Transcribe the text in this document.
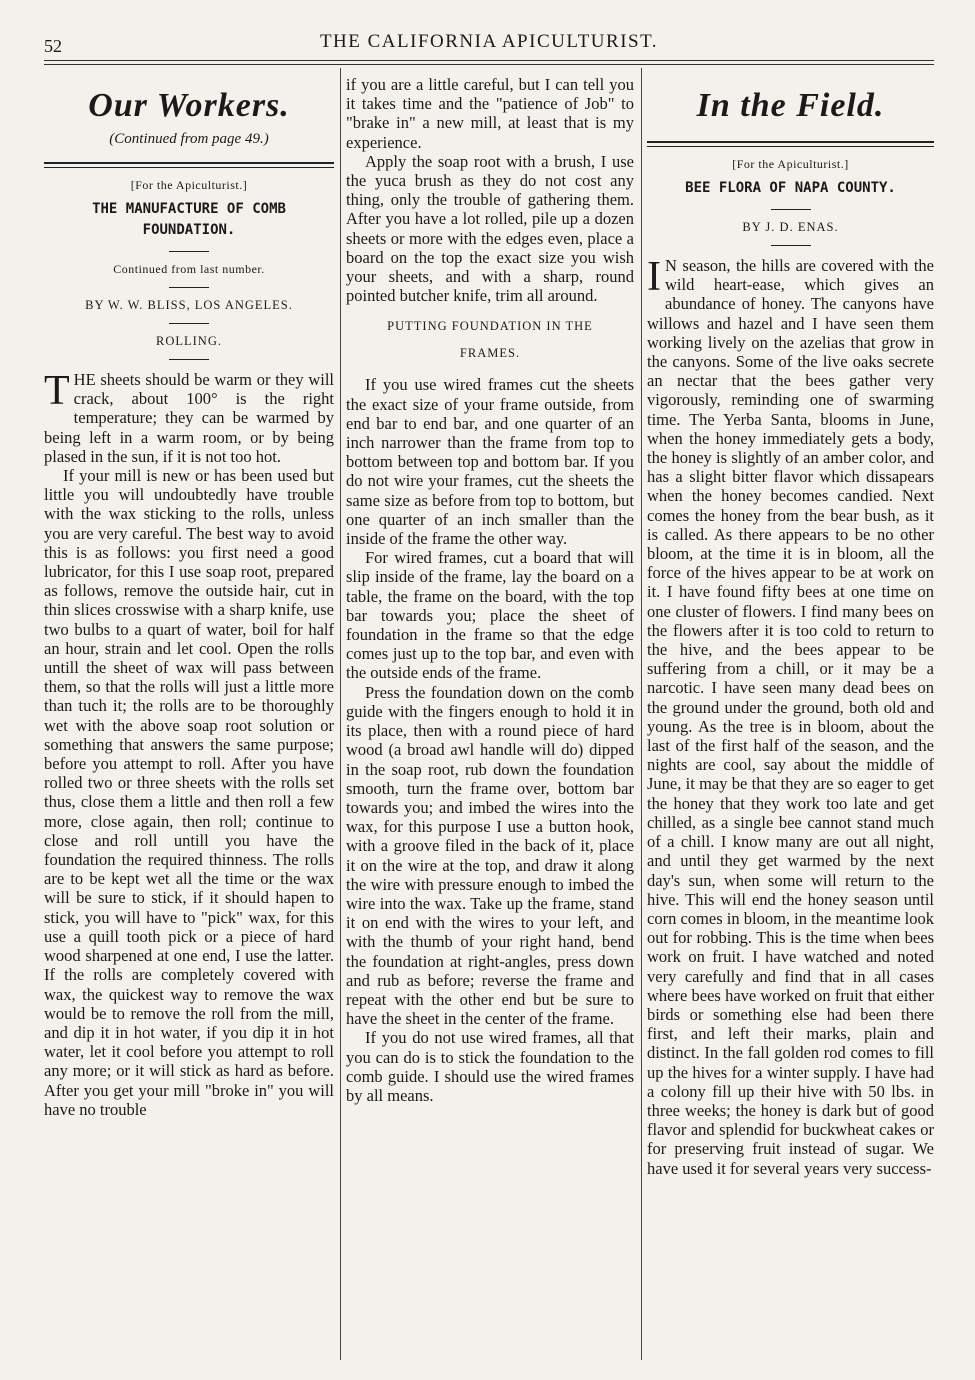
52	THE CALIFORNIA APICULTURIST.
Our Workers.
(Continued from page 49.)
[For the Apiculturist.]
THE MANUFACTURE OF COMB FOUNDATION.
Continued from last number.
BY W. W. BLISS, LOS ANGELES.
ROLLING.

THE sheets should be warm or they will crack, about 100° is the right temperature; they can be warmed by being left in a warm room, or by being plased in the sun, if it is not too hot.

If your mill is new or has been used but little you will undoubtedly have trouble with the wax sticking to the rolls, unless you are very careful. The best way to avoid this is as follows: you first need a good lubricator, for this I use soap root, prepared as follows, remove the outside hair, cut in thin slices crosswise with a sharp knife, use two bulbs to a quart of water, boil for half an hour, strain and let cool. Open the rolls untill the sheet of wax will pass between them, so that the rolls will just a little more than tuch it; the rolls are to be thoroughly wet with the above soap root solution or something that answers the same purpose; before you attempt to roll. After you have rolled two or three sheets with the rolls set thus, close them a little and then roll a few more, close again, then roll; continue to close and roll untill you have the foundation the required thinness. The rolls are to be kept wet all the time or the wax will be sure to stick, if it should hapen to stick, you will have to "pick" wax, for this use a quill tooth pick or a piece of hard wood sharpened at one end, I use the latter. If the rolls are completely covered with wax, the quickest way to remove the wax would be to remove the roll from the mill, and dip it in hot water, if you dip it in hot water, let it cool before you attempt to roll any more; or it will stick as hard as before. After you get your mill "broke in" you will have no trouble

if you are a little careful, but I can tell you it takes time and the "patience of Job" to "brake in" a new mill, at least that is my experience.

Apply the soap root with a brush, I use the yuca brush as they do not cost any thing, only the trouble of gathering them. After you have a lot rolled, pile up a dozen sheets or more with the edges even, place a board on the top the exact size you wish your sheets, and with a sharp, round pointed butcher knife, trim all around.

PUTTING FOUNDATION IN THE FRAMES.

If you use wired frames cut the sheets the exact size of your frame outside, from end bar to end bar, and one quarter of an inch narrower than the frame from top to bottom between top and bottom bar. If you do not wire your frames, cut the sheets the same size as before from top to bottom, but one quarter of an inch smaller than the inside of the frame the other way.

For wired frames, cut a board that will slip inside of the frame, lay the board on a table, the frame on the board, with the top bar towards you; place the sheet of foundation in the frame so that the edge comes just up to the top bar, and even with the outside ends of the frame.

Press the foundation down on the comb guide with the fingers enough to hold it in its place, then with a round piece of hard wood (a broad awl handle will do) dipped in the soap root, rub down the foundation smooth, turn the frame over, bottom bar towards you; and imbed the wires into the wax, for this purpose I use a button hook, with a groove filed in the back of it, place it on the wire at the top, and draw it along the wire with pressure enough to imbed the wire into the wax. Take up the frame, stand it on end with the wires to your left, and with the thumb of your right hand, bend the foundation at right-angles, press down and rub as before; reverse the frame and repeat with the other end but be sure to have the sheet in the center of the frame.

If you do not use wired frames, all that you can do is to stick the foundation to the comb guide. I should use the wired frames by all means.

In the Field.
[For the Apiculturist.]
BEE FLORA OF NAPA COUNTY.
BY J. D. ENAS.

I N season, the hills are covered with the wild heart-ease, which gives an abundance of honey. The canyons have willows and hazel and I have seen them working lively on the azelias that grow in the canyons. Some of the live oaks secrete an nectar that the bees gather very vigorously, reminding one of swarming time. The Yerba Santa, blooms in June, when the honey immediately gets a body, the honey is slightly of an amber color, and has a slight bitter flavor which dissapears when the honey becomes candied. Next comes the honey from the bear bush, as it is called. As there appears to be no other bloom, at the time it is in bloom, all the force of the hives appear to be at work on it. I have found fifty bees at one time on one cluster of flowers. I find many bees on the flowers after it is too cold to return to the hive, and the bees appear to be suffering from a chill, or it may be a narcotic. I have seen many dead bees on the ground under the ground, both old and young. As the tree is in bloom, about the last of the first half of the season, and the nights are cool, say about the middle of June, it may be that they are so eager to get the honey that they work too late and get chilled, as a single bee cannot stand much of a chill. I know many are out all night, and until they get warmed by the next day's sun, when some will return to the hive. This will end the honey season until corn comes in bloom, in the meantime look out for robbing. This is the time when bees work on fruit. I have watched and noted very carefully and find that in all cases where bees have worked on fruit that either birds or something else had been there first, and left their marks, plain and distinct. In the fall golden rod comes to fill up the hives for a winter supply. I have had a colony fill up their hive with 50 lbs. in three weeks; the honey is dark but of good flavor and splendid for buckwheat cakes or for preserving fruit instead of sugar. We have used it for several years very success-
